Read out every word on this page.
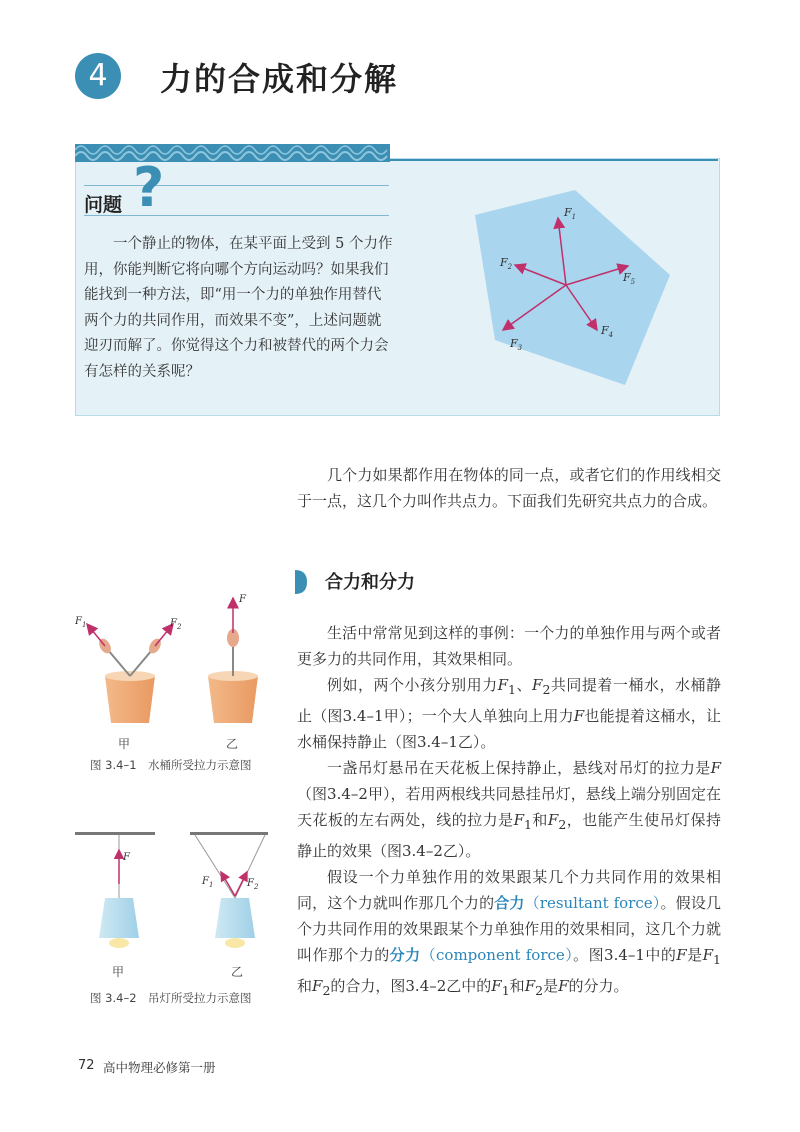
4	力的合成和分解
问题 ?

一个静止的物体，在某平面上受到 5 个力作用，你能判断它将向哪个方向运动吗？如果我们能找到一种方法，即“用一个力的单独作用替代两个力的共同作用，而效果不变”，上述问题就迎刃而解了。你觉得这个力和被替代的两个力会有怎样的关系呢？

$F_1$
$F_2$
$F_3$
$F_4$
$F_5$

几个力如果都作用在物体的同一点，或者它们的作用线相交于一点，这几个力叫作共点力。下面我们先研究共点力的合成。

合力和分力

生活中常常见到这样的事例：一个力的单独作用与两个或者更多力的共同作用，其效果相同。

例如，两个小孩分别用力$F_1$、$F_2$共同提着一桶水，水桶静止（图3.4–1甲）；一个大人单独向上用力F也能提着这桶水，让水桶保持静止（图3.4–1乙）。

一盏吊灯悬吊在天花板上保持静止，悬线对吊灯的拉力是F（图3.4–2甲），若用两根线共同悬挂吊灯，悬线上端分别固定在天花板的左右两处，线的拉力是$F_1$和$F_2$，也能产生使吊灯保持静止的效果（图3.4–2乙）。

假设一个力单独作用的效果跟某几个力共同作用的效果相同，这个力就叫作那几个力的合力（resultant force）。假设几个力共同作用的效果跟某个力单独作用的效果相同，这几个力就叫作那个力的分力（component force）。图3.4–1中的F是$F_1$和$F_2$的合力，图3.4–2乙中的$F_1$和$F_2$是F的分力。

$F_1$	$F_2$
F
甲	乙
图 3.4–1　水桶所受拉力示意图
F
$F_1$	$F_2$
甲	乙
图 3.4–2　吊灯所受拉力示意图
72 高中物理必修第一册
